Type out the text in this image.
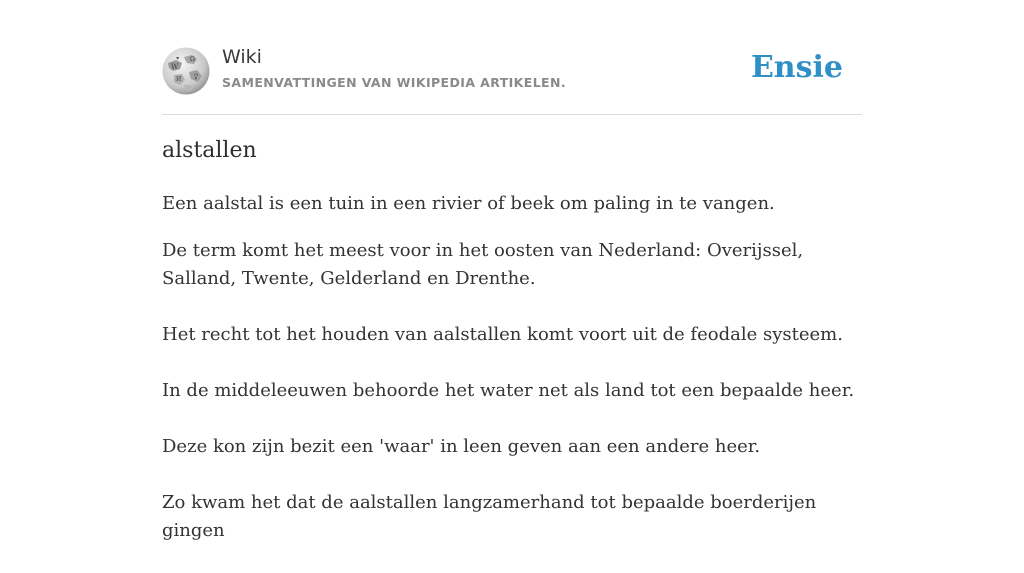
W
Ω
И ウ
Wiki
SAMENVATTINGEN VAN WIKIPEDIA ARTIKELEN.	Ensie
alstallen

Een aalstal is een tuin in een rivier of beek om paling in te vangen.

De term komt het meest voor in het oosten van Nederland: Overijssel, Salland, Twente, Gelderland en Drenthe.

Het recht tot het houden van aalstallen komt voort uit de feodale systeem.

In de middeleeuwen behoorde het water net als land tot een bepaalde heer.

Deze kon zijn bezit een 'waar' in leen geven aan een andere heer.

Zo kwam het dat de aalstallen langzamerhand tot bepaalde boerderijen gingen
